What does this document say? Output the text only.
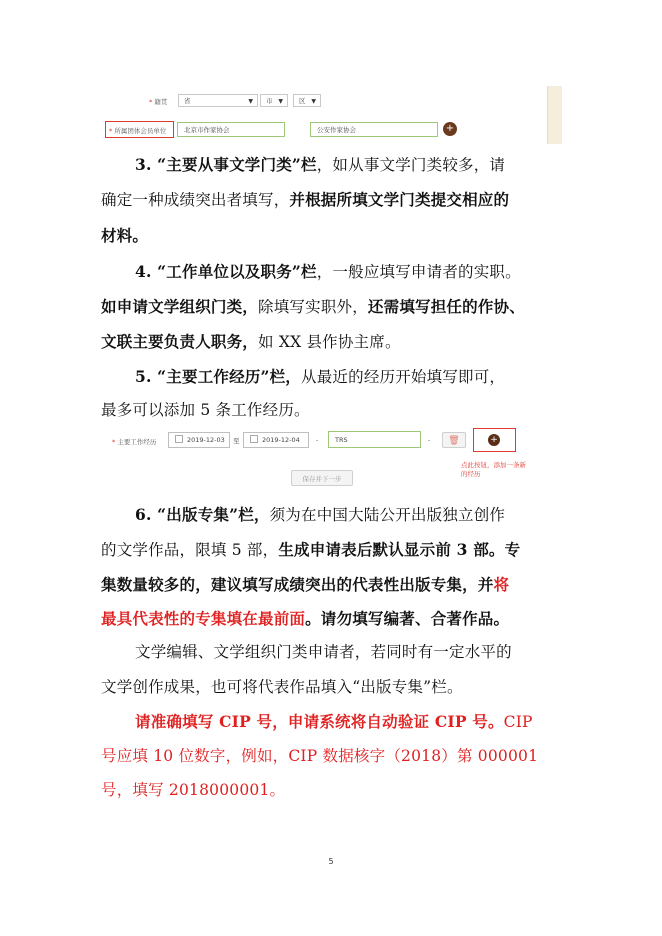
* 籍贯	省	▼	市 ▼	区 ▼
* 所属团体会员单位	北京市作家协会	公安作家协会	+
3. “主要从事文学门类”栏，如从事文学门类较多，请
确定一种成绩突出者填写，并根据所填文学门类提交相应的
材料。
4. “工作单位以及职务”栏，一般应填写申请者的实职。
如申请文学组织门类，除填写实职外，还需填写担任的作协、
文联主要负责人职务，如 XX 县作协主席。
5. “主要工作经历”栏，从最近的经历开始填写即可，
最多可以添加 5 条工作经历。
* 主要工作经历	2019-12-03	至	2019-12-04	-	TRS	-	🗑	+
点此按钮，添加一条新
的经历
保存并下一步
6. “出版专集”栏，须为在中国大陆公开出版独立创作
的文学作品，限填 5 部，生成申请表后默认显示前 3 部。专
集数量较多的，建议填写成绩突出的代表性出版专集，并将
最具代表性的专集填在最前面。请勿填写编著、合著作品。
文学编辑、文学组织门类申请者，若同时有一定水平的
文学创作成果，也可将代表作品填入“出版专集”栏。
请准确填写 CIP 号，申请系统将自动验证 CIP 号。CIP
号应填 10 位数字，例如，CIP 数据核字（2018）第 000001
号，填写 2018000001。
5
